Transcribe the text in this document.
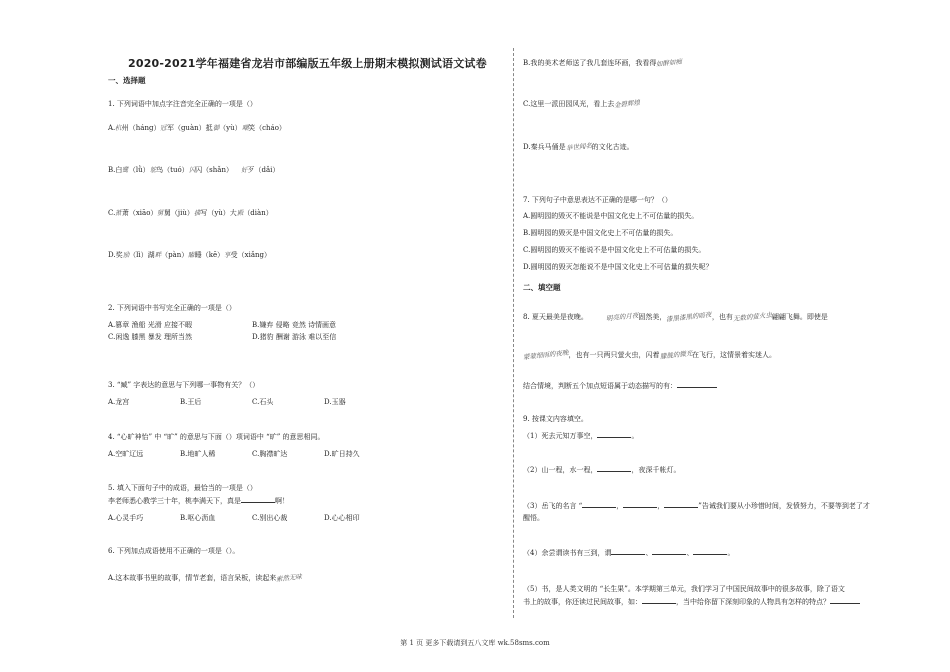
2020-2021学年福建省龙岩市部编版五年级上册期末模拟测试语文试卷
一、选择题
1. 下列词语中加点字注音完全正确的一项是（）
A.杭州（háng）冠军（guàn）抵御（yù）嘲笑（cháo）
B.白鹭（lǜ）鸵鸟（tuó）闪闪（shǎn） 好歹（dǎi）
C.萧萧（xiāo）舅舅（jiù）描写（yù）大殿（diàn）
D.奖励（lì）湖畔（pàn）瞌睡（kē）享受（xiǎng）
2. 下列词语中书写完全正确的一项是（）
A.篡章 渔船 光滑 应接不暇	B.嫌弃 侵略 竞然 诗情画意
C.闲逸 膝黑 暴发 理所当然	D.猪豹 酬谢 游泳 难以至信
3. “臧” 字表达的意思与下列哪一事物有关？（）
A.龙宫	B.王后	C.石头	D.玉器
4. “心旷神怡” 中 “旷” 的意思与下面（）项词语中 “旷” 的意思相同。
A.空旷辽远	B.地旷人稀	C.胸襟旷达	D.旷日持久
5. 填入下面句子中的成语，最恰当的一项是（）
李老师悉心教学三十年，桃李满天下，真是	啊！
A.心灵手巧	B.呕心沥血	C.别出心裁	D.心心相印
6. 下列加点成语使用不正确的一项是（）。
A.这本故事书里的故事，情节老套，语言呆板，读起来索然无味
B.我的美术老师送了我几套连环画，我看得如醉如痴
C.这里一派田园风光，看上去金碧辉煌
D.秦兵马俑是举世闻名的文化古迹。
7. 下列句子中意思表达不正确的是哪一句？（）
A.圆明园的毁灭不能说是中国文化史上不可估量的损失。
B.圆明园的毁灭是中国文化史上不可估量的损失。
C.圆明园的毁灭不能说不是中国文化史上不可估量的损失。
D.圆明园的毁灭怎能说不是中国文化史上不可估量的损失呢？
二、填空题
8. 夏天最美是夜晚。	明亮的月夜固然美，漆黑漆黑的暗夜，也有无数的萤火虫翩翩飞舞。即使是
蒙蒙细雨的夜晚，也有一只两只萤火虫，闪着朦胧的微光在飞行，这情景着实迷人。
结合情境，判断五个加点短语属于动态描写的有：
9. 按课文内容填空。
（1）死去元知万事空，	。
（2）山一程，水一程，	，夜深千帐灯。
（3）岳飞的名言 “	，	，	”告诫我们要从小珍惜时间，发愤努力，不要等到老了才
醒悟。
（4）余尝谓读书有三到，谓	、	、	。
（5）书，是人类文明的 “长生果”。本学期第三单元，我们学习了中国民间故事中的很多故事，除了语文
书上的故事，你还读过民间故事，如：	，当中给你留下深刻印象的人物具有怎样的特点？
第 1 页 更多下载请到五八文库 wk.58sms.com
